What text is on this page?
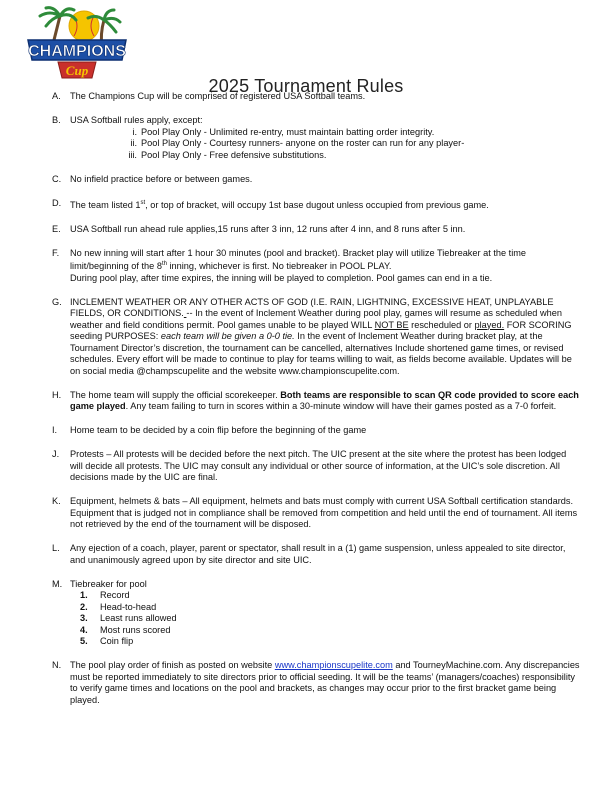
CHAMPIONS
Cup
2025 Tournament Rules
A. The Champions Cup will be comprised of registered USA Softball teams.

B. USA Softball rules apply, except:

i. Pool Play Only - Unlimited re-entry, must maintain batting order integrity.
ii. Pool Play Only - Courtesy runners- anyone on the roster can run for any player-
iii. Pool Play Only - Free defensive substitutions.
C. No infield practice before or between games.

D. The team listed 1st, or top of bracket, will occupy 1st base dugout unless occupied from previous game.

E. USA Softball run ahead rule applies,15 runs after 3 inn, 12 runs after 4 inn, and 8 runs after 5 inn.

F. No new inning will start after 1 hour 30 minutes (pool and bracket). Bracket play will utilize Tiebreaker at the time
limit/beginning of the 8th inning, whichever is first. No tiebreaker in POOL PLAY.
During pool play, after time expires, the inning will be played to completion. Pool games can end in a tie.

G. INCLEMENT WEATHER OR ANY OTHER ACTS OF GOD (I.E. RAIN, LIGHTNING, EXCESSIVE HEAT, UNPLAYABLE FIELDS, OR CONDITIONS. -- In the event of Inclement Weather during pool play, games will resume as scheduled when weather and field conditions permit. Pool games unable to be played WILL NOT BE rescheduled or played. FOR SCORING seeding PURPOSES: each team will be given a 0-0 tie. In the event of Inclement Weather during bracket play, at the Tournament Director’s discretion, the tournament can be cancelled, alternatives Include shortened game times, or revised schedules. Every effort will be made to continue to play for teams willing to wait, as fields become available. Updates will be on social media @champscupelite and the website www.championscupelite.com.

H. The home team will supply the official scorekeeper. Both teams are responsible to scan QR code provided to score each game played. Any team failing to turn in scores within a 30-minute window will have their games posted as a 7-0 forfeit.

I. Home team to be decided by a coin flip before the beginning of the game

J. Protests – All protests will be decided before the next pitch. The UIC present at the site where the protest has been lodged will decide all protests. The UIC may consult any individual or other source of information, at the UIC’s sole discretion. All decisions made by the UIC are final.

K. Equipment, helmets & bats – All equipment, helmets and bats must comply with current USA Softball certification standards. Equipment that is judged not in compliance shall be removed from competition and held until the end of tournament. All items not retrieved by the end of the tournament will be disposed.

L. Any ejection of a coach, player, parent or spectator, shall result in a (1) game suspension, unless appealed to site director, and unanimously agreed upon by site director and site UIC.

M. Tiebreaker for pool

1. Record
2. Head-to-head
3. Least runs allowed
4. Most runs scored
5. Coin flip
N. The pool play order of finish as posted on website www.championscupelite.com and TourneyMachine.com. Any discrepancies must be reported immediately to site directors prior to official seeding. It will be the teams’ (managers/coaches) responsibility to verify game times and locations on the pool and brackets, as changes may occur prior to the first bracket game being played.
